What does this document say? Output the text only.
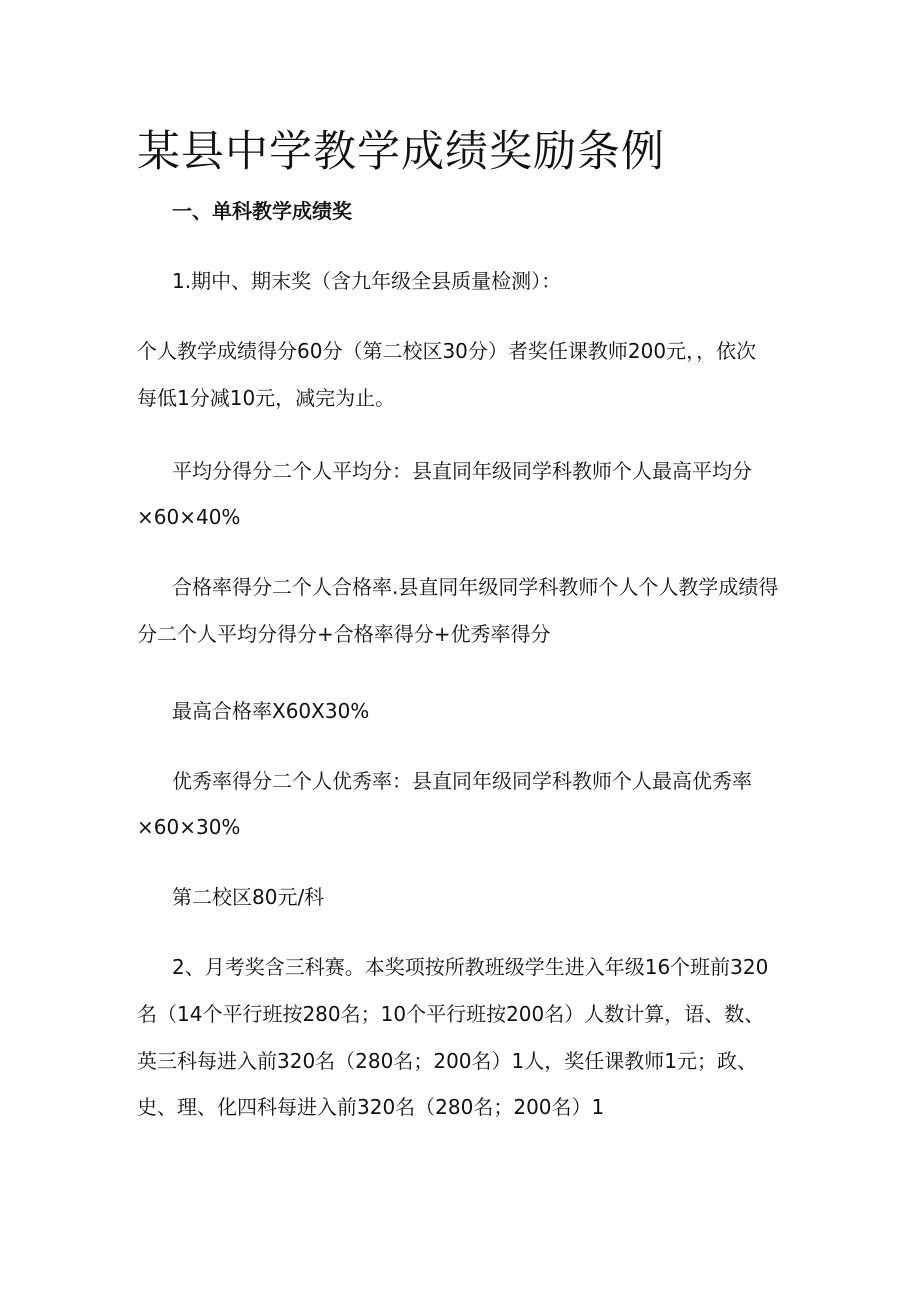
某县中学教学成绩奖励条例

一、单科教学成绩奖

1.期中、期末奖（含九年级全县质量检测）：

个人教学成绩得分60分（第二校区30分）者奖任课教师200元，，依次

每低1分减10元，减完为止。

平均分得分二个人平均分：县直同年级同学科教师个人最高平均分

×60×40%

合格率得分二个人合格率.县直同年级同学科教师个人个人教学成绩得

分二个人平均分得分+合格率得分+优秀率得分

最高合格率X60X30%

优秀率得分二个人优秀率：县直同年级同学科教师个人最高优秀率

×60×30%

第二校区80元/科

2、月考奖含三科赛。本奖项按所教班级学生进入年级16个班前320

名（14个平行班按280名；10个平行班按200名）人数计算，语、数、

英三科每进入前320名（280名；200名）1人，奖任课教师1元；政、

史、理、化四科每进入前320名（280名；200名）1
